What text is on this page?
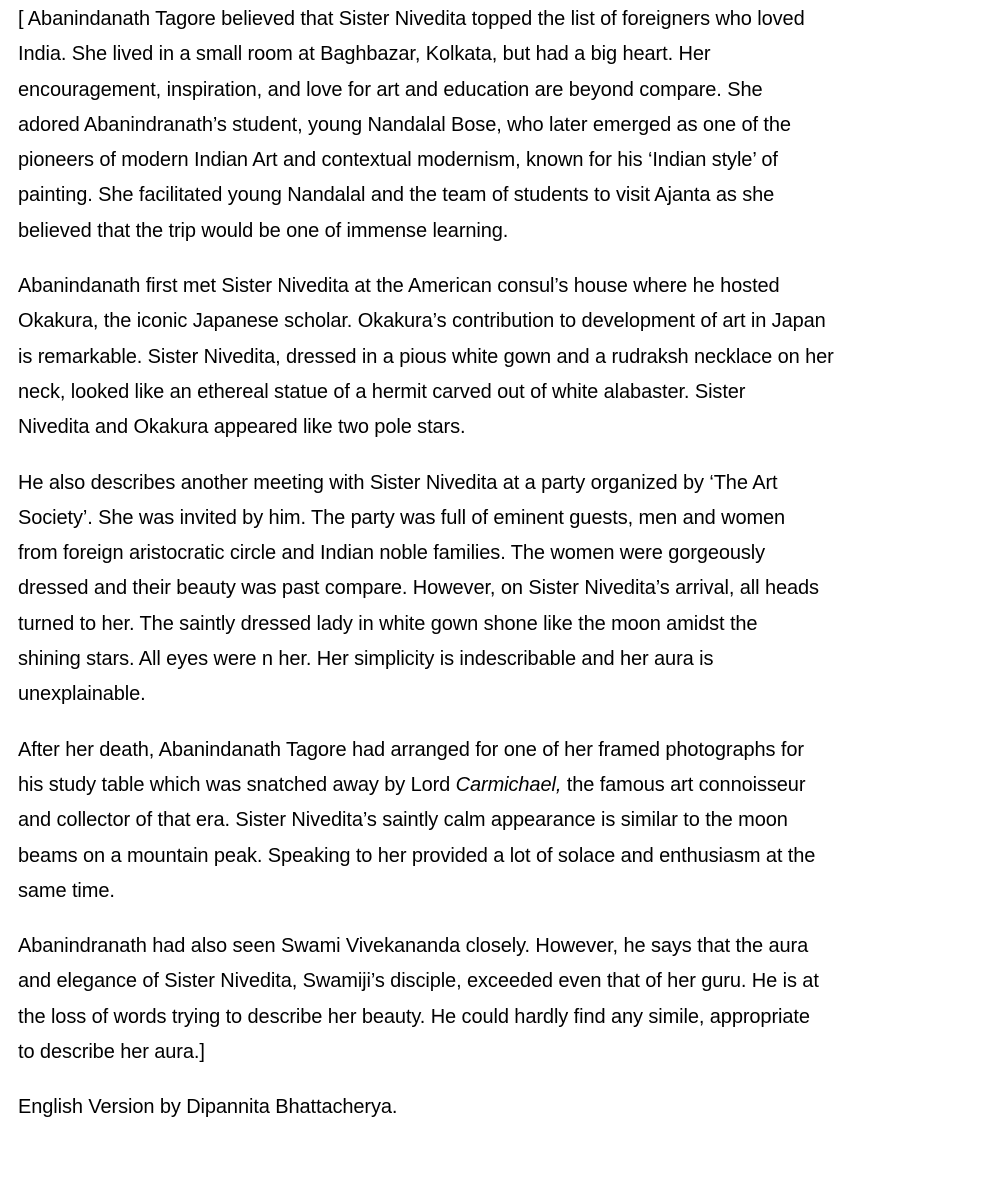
[ Abanindanath Tagore believed that Sister Nivedita topped the list of foreigners who loved
India. She lived in a small room at Baghbazar, Kolkata, but had a big heart. Her
encouragement, inspiration, and love for art and education are beyond compare. She
adored Abanindranath’s student, young Nandalal Bose, who later emerged as one of the
pioneers of modern Indian Art and contextual modernism, known for his ‘Indian style’ of
painting. She facilitated young Nandalal and the team of students to visit Ajanta as she
believed that the trip would be one of immense learning.

Abanindanath first met Sister Nivedita at the American consul’s house where he hosted
Okakura, the iconic Japanese scholar. Okakura’s contribution to development of art in Japan
is remarkable. Sister Nivedita, dressed in a pious white gown and a rudraksh necklace on her
neck, looked like an ethereal statue of a hermit carved out of white alabaster. Sister
Nivedita and Okakura appeared like two pole stars.

He also describes another meeting with Sister Nivedita at a party organized by ‘The Art
Society’. She was invited by him. The party was full of eminent guests, men and women
from foreign aristocratic circle and Indian noble families. The women were gorgeously
dressed and their beauty was past compare. However, on Sister Nivedita’s arrival, all heads
turned to her. The saintly dressed lady in white gown shone like the moon amidst the
shining stars. All eyes were n her. Her simplicity is indescribable and her aura is
unexplainable.

After her death, Abanindanath Tagore had arranged for one of her framed photographs for
his study table which was snatched away by Lord Carmichael, the famous art connoisseur
and collector of that era. Sister Nivedita’s saintly calm appearance is similar to the moon
beams on a mountain peak. Speaking to her provided a lot of solace and enthusiasm at the
same time.

Abanindranath had also seen Swami Vivekananda closely. However, he says that the aura
and elegance of Sister Nivedita, Swamiji’s disciple, exceeded even that of her guru. He is at
the loss of words trying to describe her beauty. He could hardly find any simile, appropriate
to describe her aura.]

English Version by Dipannita Bhattacherya.
